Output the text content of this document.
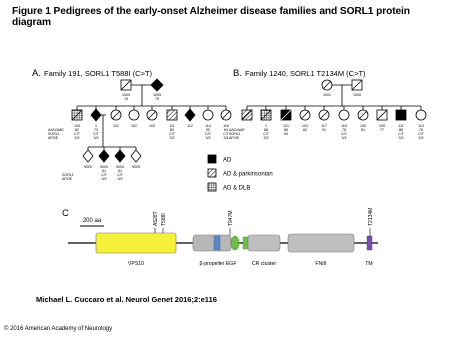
Figure 1 Pedigrees of the early-onset Alzheimer disease families and SORL1 protein diagram
A. Family 191, SORL1 T588I (C>T)
1000
76
1005
79
AAO/AAE
SORL1
APOE
104
82
C/T
3/3
1
73
C/T
3/4
101	102	103	111
89
C/T
3/3
112	114
90
C/C
3/3
116
84
C/T
3/4
SORL1
APOE
9000 9003
61
C/T
3/3
9004
61
C/T
3/3
9005
B. Family 1240, SORL1 T2134M (C>T)
1001	1000
AAO/AAE
SORL1
APOE
1
86
C/T
3/3
101
86
83
103
83
117
91
119
78
C/C
3/4
105
81
109
77
111
88
C/T
3/3
113
76
C/T
3/3
AD
AD & parkinsonian
AD & DLB
C
200 aa	A528T T588I	T947M	T2134M
VPS10	β-propeller EGF	CR cluster	FNIII	TM
Michael L. Cuccaro et al. Neurol Genet 2016;2:e116
© 2016 American Academy of Neurology
